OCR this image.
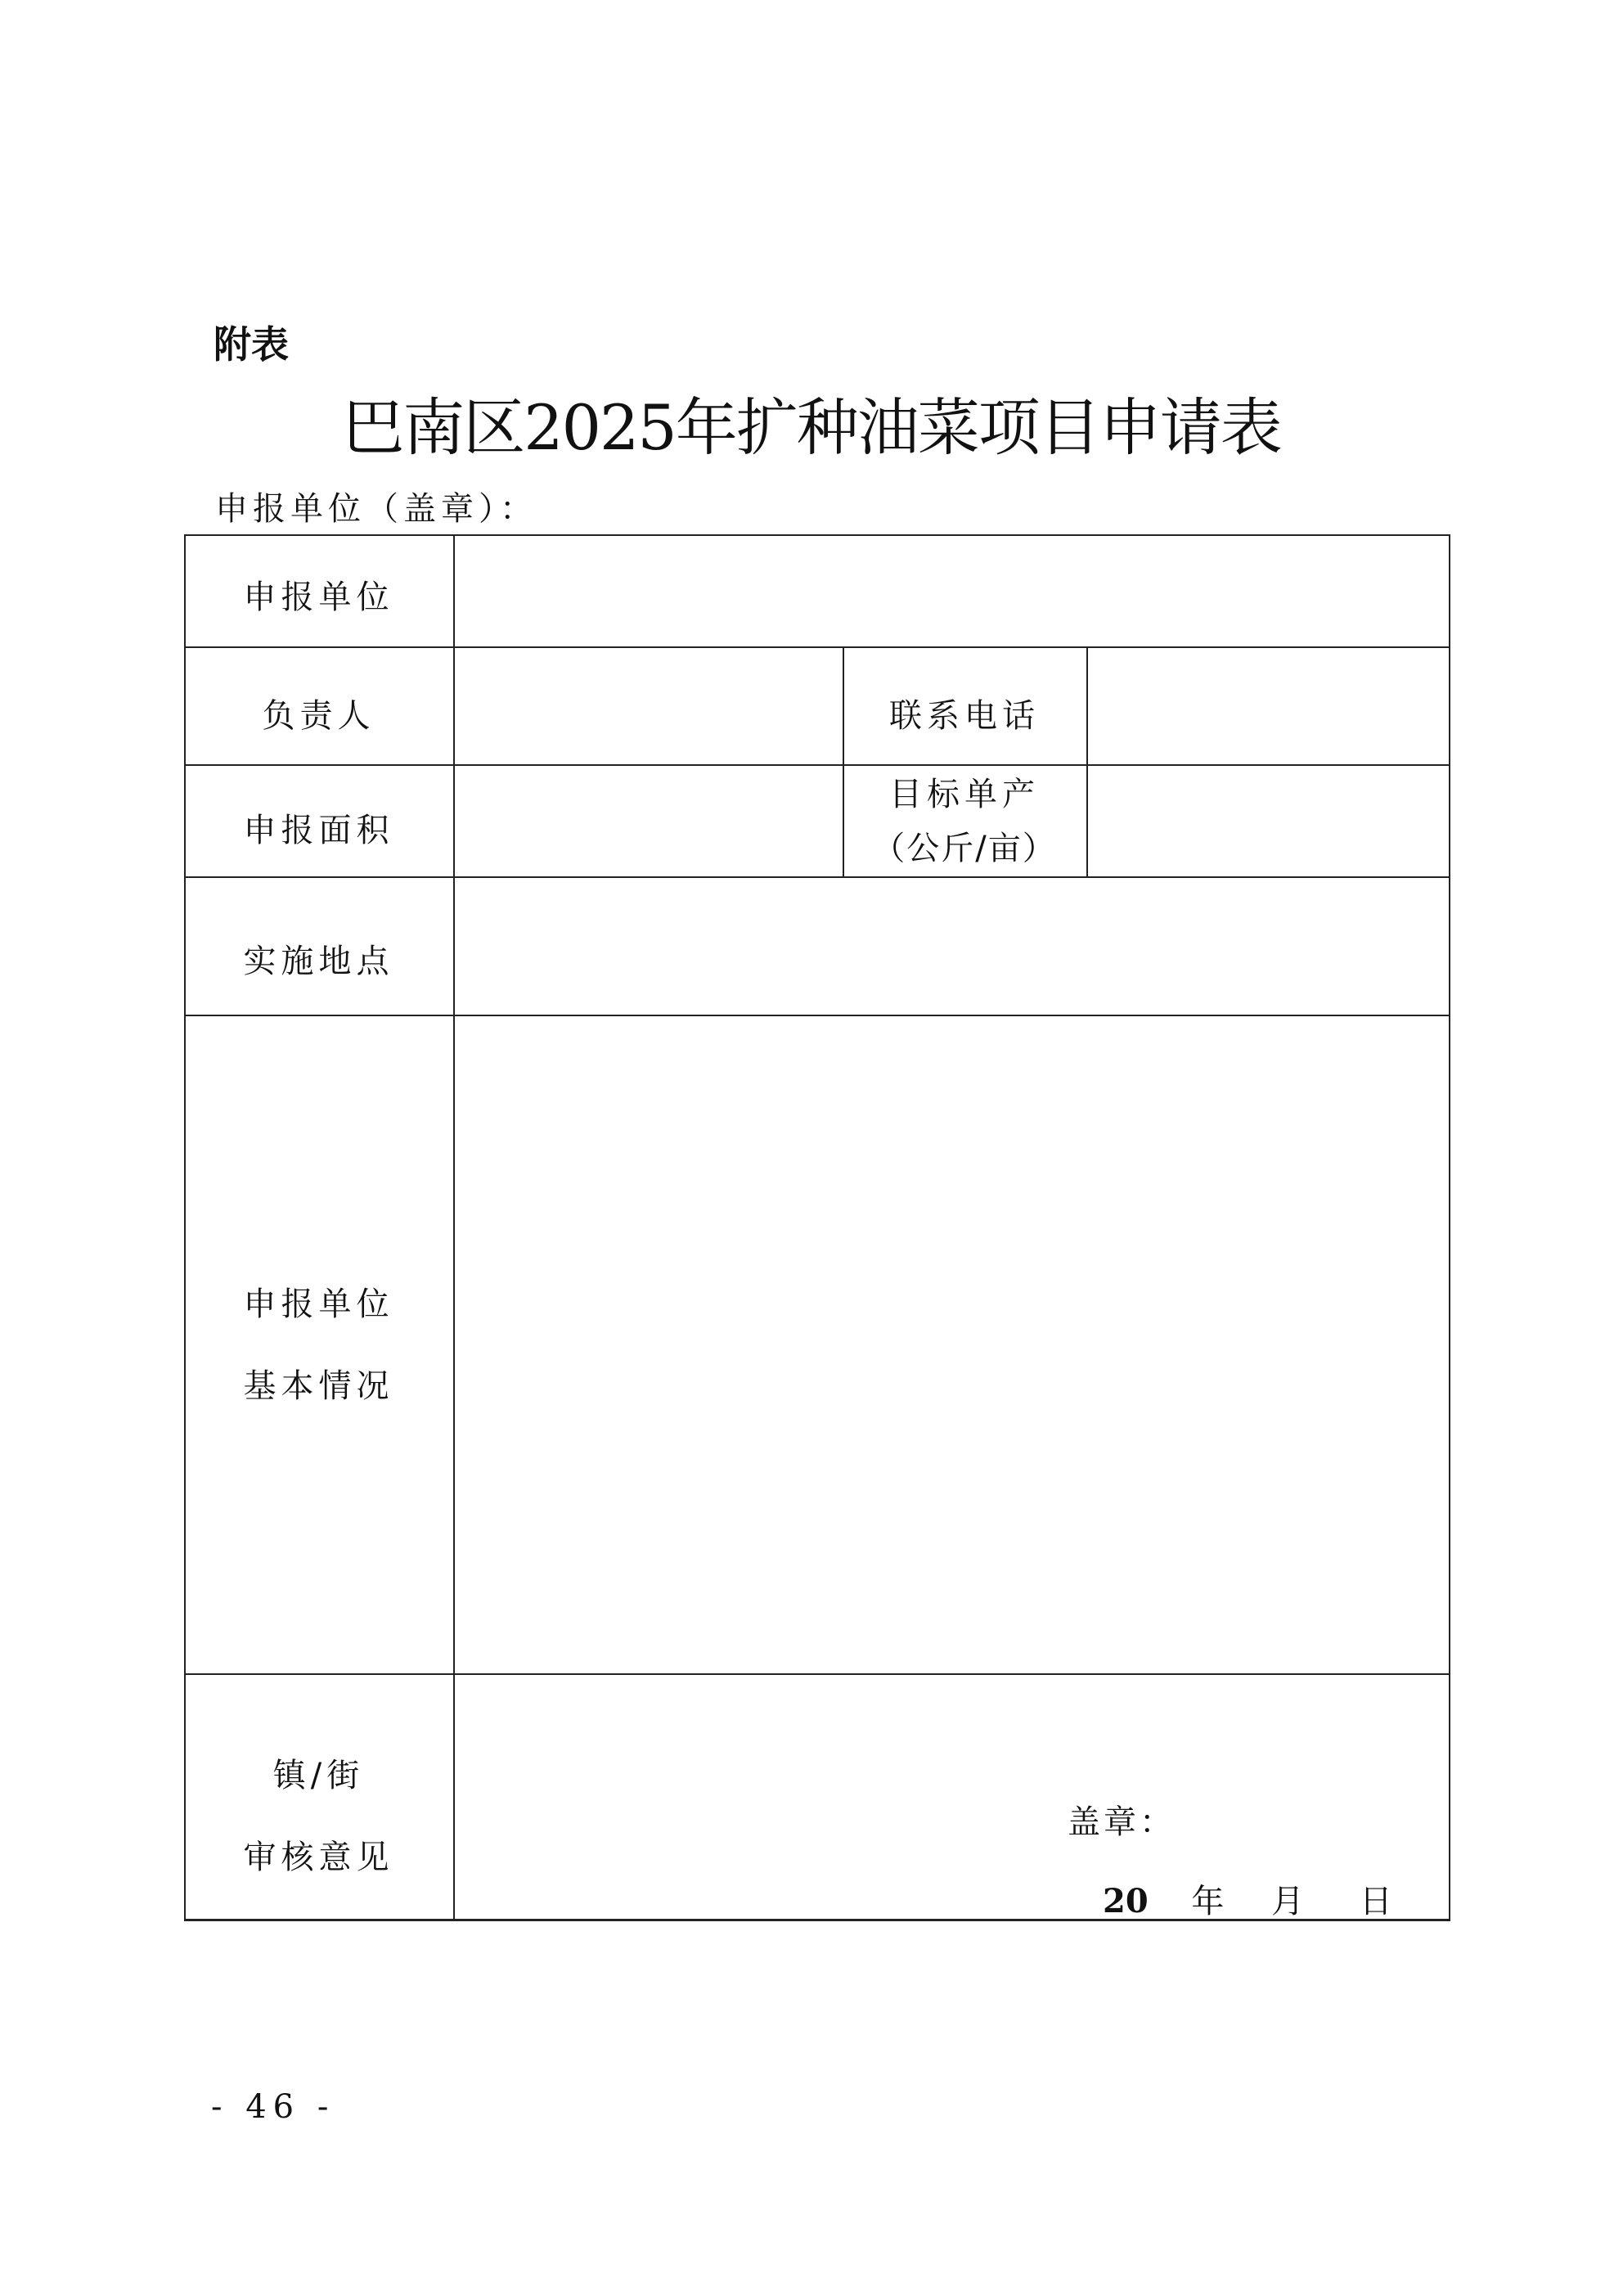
附表
巴南区2025年扩种油菜项目申请表
申报单位（盖章）：
申报单位
负责人	联系电话
申报面积
目标单产
（公斤/亩）
实施地点
申报单位
基本情况
镇/街
审核意见
盖章：
20 年 月 日
- 46 -
